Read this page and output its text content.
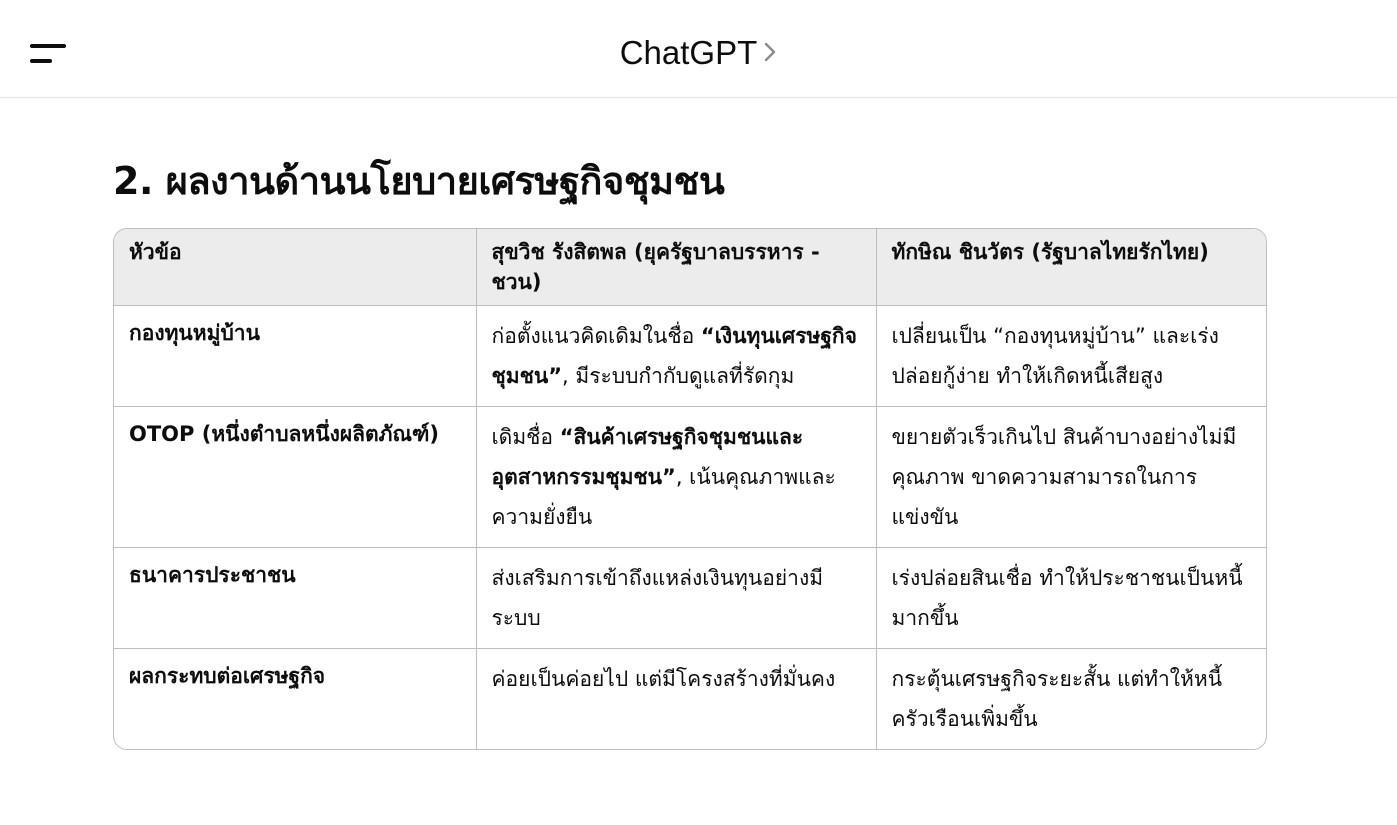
ChatGPT
2. ผลงานด้านนโยบายเศรษฐกิจชุมชน
หัวข้อ	สุขวิช รังสิตพล (ยุครัฐบาลบรรหาร - ชวน)	ทักษิณ ชินวัตร (รัฐบาลไทยรักไทย)
กองทุนหมู่บ้าน	ก่อตั้งแนวคิดเดิมในชื่อ “เงินทุนเศรษฐกิจชุมชน”, มีระบบกำกับดูแลที่รัดกุม	เปลี่ยนเป็น “กองทุนหมู่บ้าน” และเร่งปล่อยกู้ง่าย ทำให้เกิดหนี้เสียสูง
OTOP (หนึ่งตำบลหนึ่งผลิตภัณฑ์)	เดิมชื่อ “สินค้าเศรษฐกิจชุมชนและอุตสาหกรรมชุมชน”, เน้นคุณภาพและความยั่งยืน	ขยายตัวเร็วเกินไป สินค้าบางอย่างไม่มีคุณภาพ ขาดความสามารถในการแข่งขัน
ธนาคารประชาชน	ส่งเสริมการเข้าถึงแหล่งเงินทุนอย่างมีระบบ	เร่งปล่อยสินเชื่อ ทำให้ประชาชนเป็นหนี้มากขึ้น
ผลกระทบต่อเศรษฐกิจ	ค่อยเป็นค่อยไป แต่มีโครงสร้างที่มั่นคง	กระตุ้นเศรษฐกิจระยะสั้น แต่ทำให้หนี้ครัวเรือนเพิ่มขึ้น
